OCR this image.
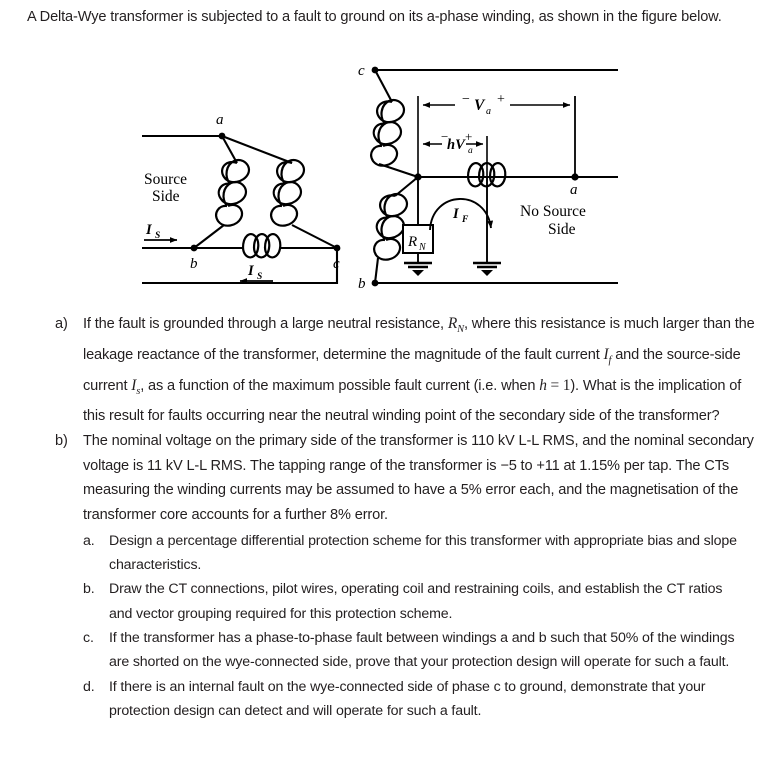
A Delta-Wye transformer is subjected to a fault to ground on its a-phase winding, as shown in the figure below.
a
b	c
Source
Side
I S
I S
c
b
a
R N
I F
− V a
+
−
hV a
+
No Source
Side
a)	If the fault is grounded through a large neutral resistance, $R_N$, where this resistance is much larger than the leakage reactance of the transformer, determine the magnitude of the fault current $I_f$ and the source-side current $I_s$, as a function of the maximum possible fault current (i.e. when h = 1). What is the implication of this result for faults occurring near the neutral winding point of the secondary side of the transformer?
b)	The nominal voltage on the primary side of the transformer is 110 kV L-L RMS, and the nominal secondary voltage is 11 kV L-L RMS. The tapping range of the transformer is −5 to +11 at 1.15% per tap. The CTs measuring the winding currents may be assumed to have a 5% error each, and the magnetisation of the transformer core accounts for a further 8% error.
a.	Design a percentage differential protection scheme for this transformer with appropriate bias and slope characteristics.
b.	Draw the CT connections, pilot wires, operating coil and restraining coils, and establish the CT ratios and vector grouping required for this protection scheme.
c.	If the transformer has a phase-to-phase fault between windings a and b such that 50% of the windings are shorted on the wye-connected side, prove that your protection design will operate for such a fault.
d.	If there is an internal fault on the wye-connected side of phase c to ground, demonstrate that your protection design can detect and will operate for such a fault.
